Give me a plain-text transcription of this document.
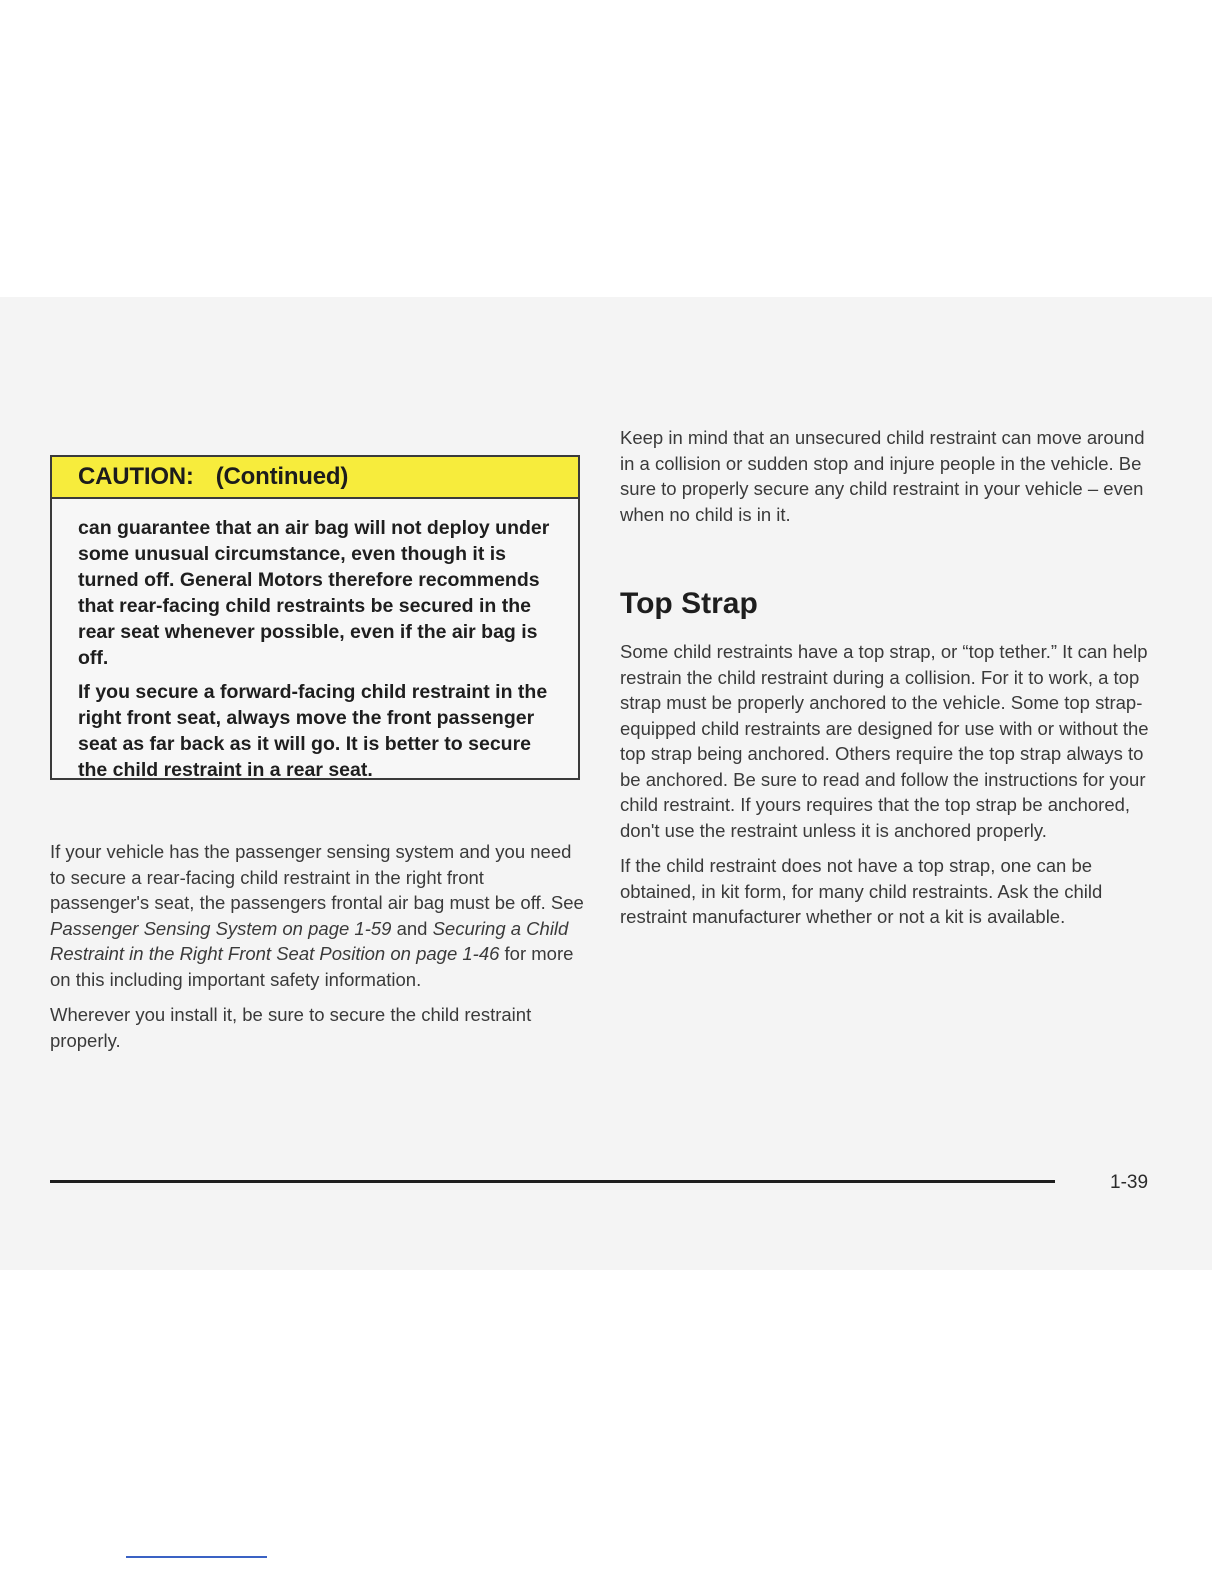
CAUTION: (Continued)

can guarantee that an air bag will not deploy under some unusual circumstance, even though it is turned off. General Motors therefore recommends that rear-facing child restraints be secured in the rear seat whenever possible, even if the air bag is off.

If you secure a forward-facing child restraint in the right front seat, always move the front passenger seat as far back as it will go. It is better to secure the child restraint in a rear seat.

If your vehicle has the passenger sensing system and you need to secure a rear-facing child restraint in the right front passenger's seat, the passengers frontal air bag must be off. See Passenger Sensing System on page 1-59 and Securing a Child Restraint in the Right Front Seat Position on page 1-46 for more on this including important safety information.

Wherever you install it, be sure to secure the child restraint properly.

Keep in mind that an unsecured child restraint can move around in a collision or sudden stop and injure people in the vehicle. Be sure to properly secure any child restraint in your vehicle – even when no child is in it.

Top Strap

Some child restraints have a top strap, or “top tether.” It can help restrain the child restraint during a collision. For it to work, a top strap must be properly anchored to the vehicle. Some top strap-equipped child restraints are designed for use with or without the top strap being anchored. Others require the top strap always to be anchored. Be sure to read and follow the instructions for your child restraint. If yours requires that the top strap be anchored, don't use the restraint unless it is anchored properly.

If the child restraint does not have a top strap, one can be obtained, in kit form, for many child restraints. Ask the child restraint manufacturer whether or not a kit is available.

1-39
